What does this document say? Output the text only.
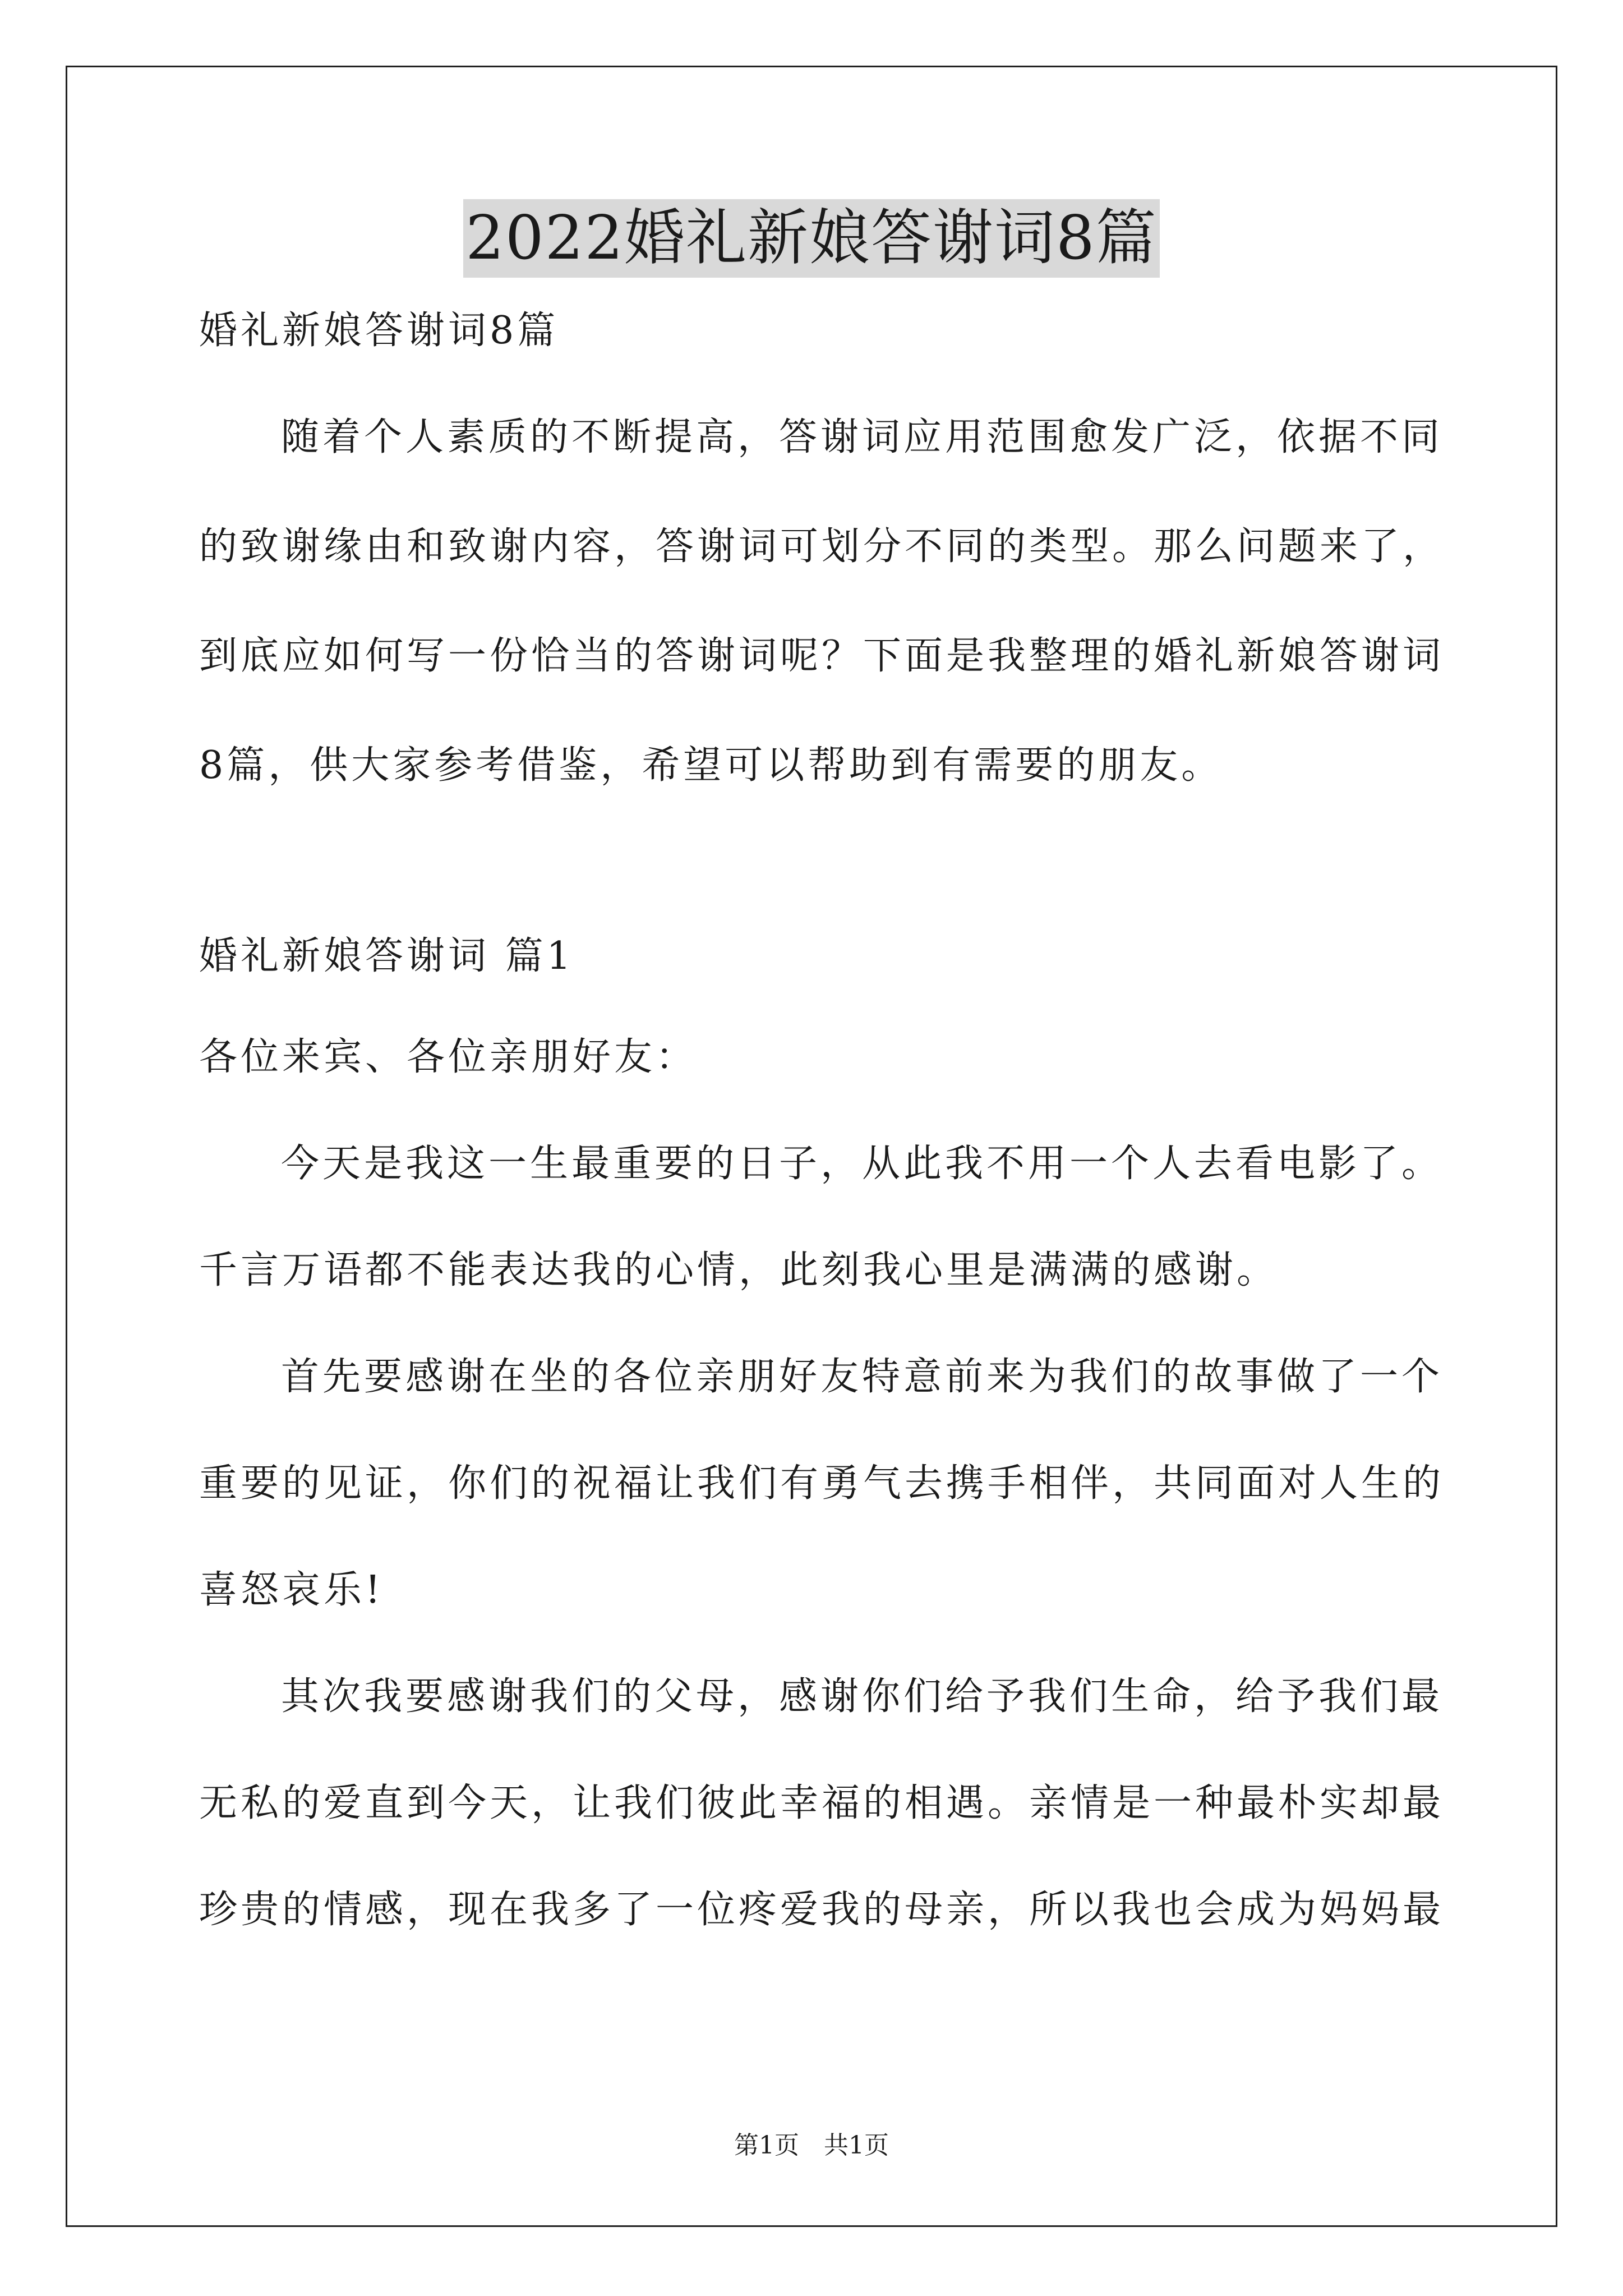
2022婚礼新娘答谢词8篇
婚礼新娘答谢词8篇
随着个人素质的不断提高，答谢词应用范围愈发广泛，依据不同
的致谢缘由和致谢内容，答谢词可划分不同的类型。那么问题来了，
到底应如何写一份恰当的答谢词呢？下面是我整理的婚礼新娘答谢词
8篇，供大家参考借鉴，希望可以帮助到有需要的朋友。
婚礼新娘答谢词 篇1
各位来宾、各位亲朋好友：
今天是我这一生最重要的日子，从此我不用一个人去看电影了。
千言万语都不能表达我的心情，此刻我心里是满满的感谢。
首先要感谢在坐的各位亲朋好友特意前来为我们的故事做了一个
重要的见证，你们的祝福让我们有勇气去携手相伴，共同面对人生的
喜怒哀乐!
其次我要感谢我们的父母，感谢你们给予我们生命，给予我们最
无私的爱直到今天，让我们彼此幸福的相遇。亲情是一种最朴实却最
珍贵的情感，现在我多了一位疼爱我的母亲，所以我也会成为妈妈最
第1页　共1页
